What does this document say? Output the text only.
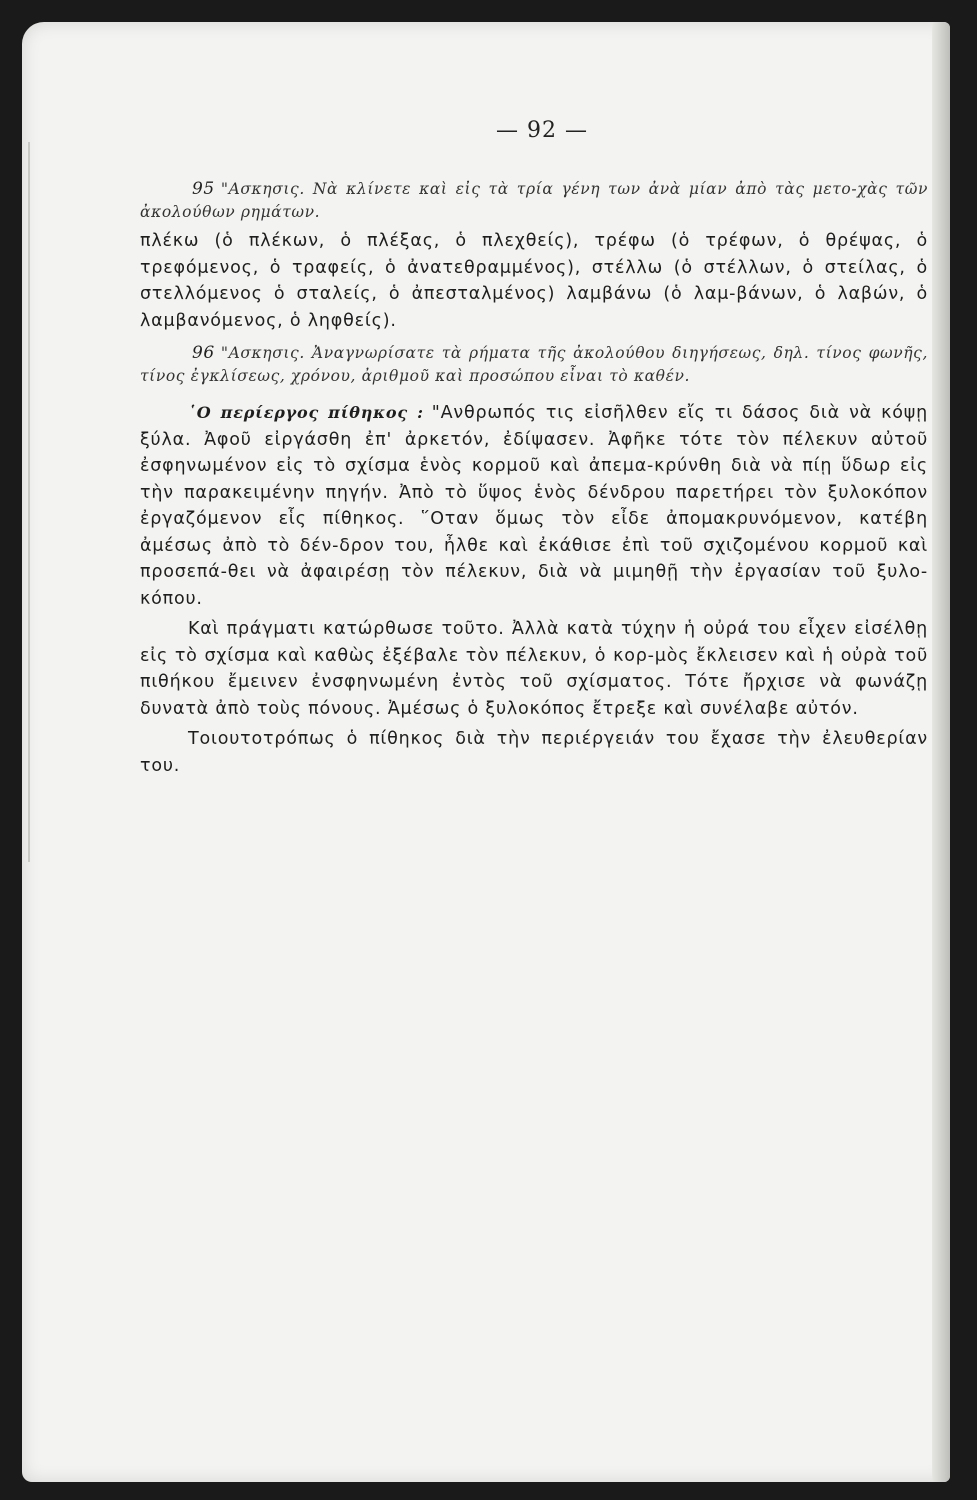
— 92 —

95 "Ασκησις. Νὰ κλίνετε καὶ εἰς τὰ τρία γένη των ἀνὰ μίαν ἀπὸ τὰς μετο-χὰς τῶν ἀκολούθων ρημάτων.

πλέκω (ὁ πλέκων, ὁ πλέξας, ὁ πλεχθείς), τρέφω (ὁ τρέφων, ὁ θρέψας, ὁ τρεφόμενος, ὁ τραφείς, ὁ ἀνατεθραμμένος), στέλλω (ὁ στέλλων, ὁ στείλας, ὁ στελλόμενος ὁ σταλείς, ὁ ἀπεσταλμένος) λαμβάνω (ὁ λαμ-βάνων, ὁ λαβών, ὁ λαμβανόμενος, ὁ ληφθείς).

96 "Ασκησις. Ἀναγνωρίσατε τὰ ρήματα τῆς ἀκολούθου διηγήσεως, δηλ. τίνος φωνῆς, τίνος ἐγκλίσεως, χρόνου, ἀριθμοῦ καὶ προσώπου εἶναι τὸ καθέν.

῾Ο περίεργος πίθηκος : "Ανθρωπός τις εἰσῆλθεν εἴς τι δάσος διὰ νὰ κόψῃ ξύλα. Ἀφοῦ εἰργάσθη ἐπ' ἀρκετόν, ἐδίψασεν. Ἀφῆκε τότε τὸν πέλεκυν αὐτοῦ ἐσφηνωμένον εἰς τὸ σχίσμα ἑνὸς κορμοῦ καὶ ἀπεμα-κρύνθη διὰ νὰ πίῃ ὕδωρ εἰς τὴν παρακειμένην πηγήν. Ἀπὸ τὸ ὕψος ἑνὸς δένδρου παρετήρει τὸν ξυλοκόπον ἐργαζόμενον εἷς πίθηκος. ῞Οταν ὅμως τὸν εἶδε ἀπομακρυνόμενον, κατέβη ἀμέσως ἀπὸ τὸ δέν-δρον του, ἦλθε καὶ ἐκάθισε ἐπὶ τοῦ σχιζομένου κορμοῦ καὶ προσεπά-θει νὰ ἀφαιρέσῃ τὸν πέλεκυν, διὰ νὰ μιμηθῇ τὴν ἐργασίαν τοῦ ξυλο-κόπου.

Καὶ πράγματι κατώρθωσε τοῦτο. Ἀλλὰ κατὰ τύχην ἡ οὐρά του εἶχεν εἰσέλθῃ εἰς τὸ σχίσμα καὶ καθὼς ἐξέβαλε τὸν πέλεκυν, ὁ κορ-μὸς ἔκλεισεν καὶ ἡ οὐρὰ τοῦ πιθήκου ἔμεινεν ἐνσφηνωμένη ἐντὸς τοῦ σχίσματος. Τότε ἤρχισε νὰ φωνάζῃ δυνατὰ ἀπὸ τοὺς πόνους. Ἀμέσως ὁ ξυλοκόπος ἔτρεξε καὶ συνέλαβε αὐτόν.

Τοιουτοτρόπως ὁ πίθηκος διὰ τὴν περιέργειάν του ἔχασε τὴν ἐλευθερίαν του.
